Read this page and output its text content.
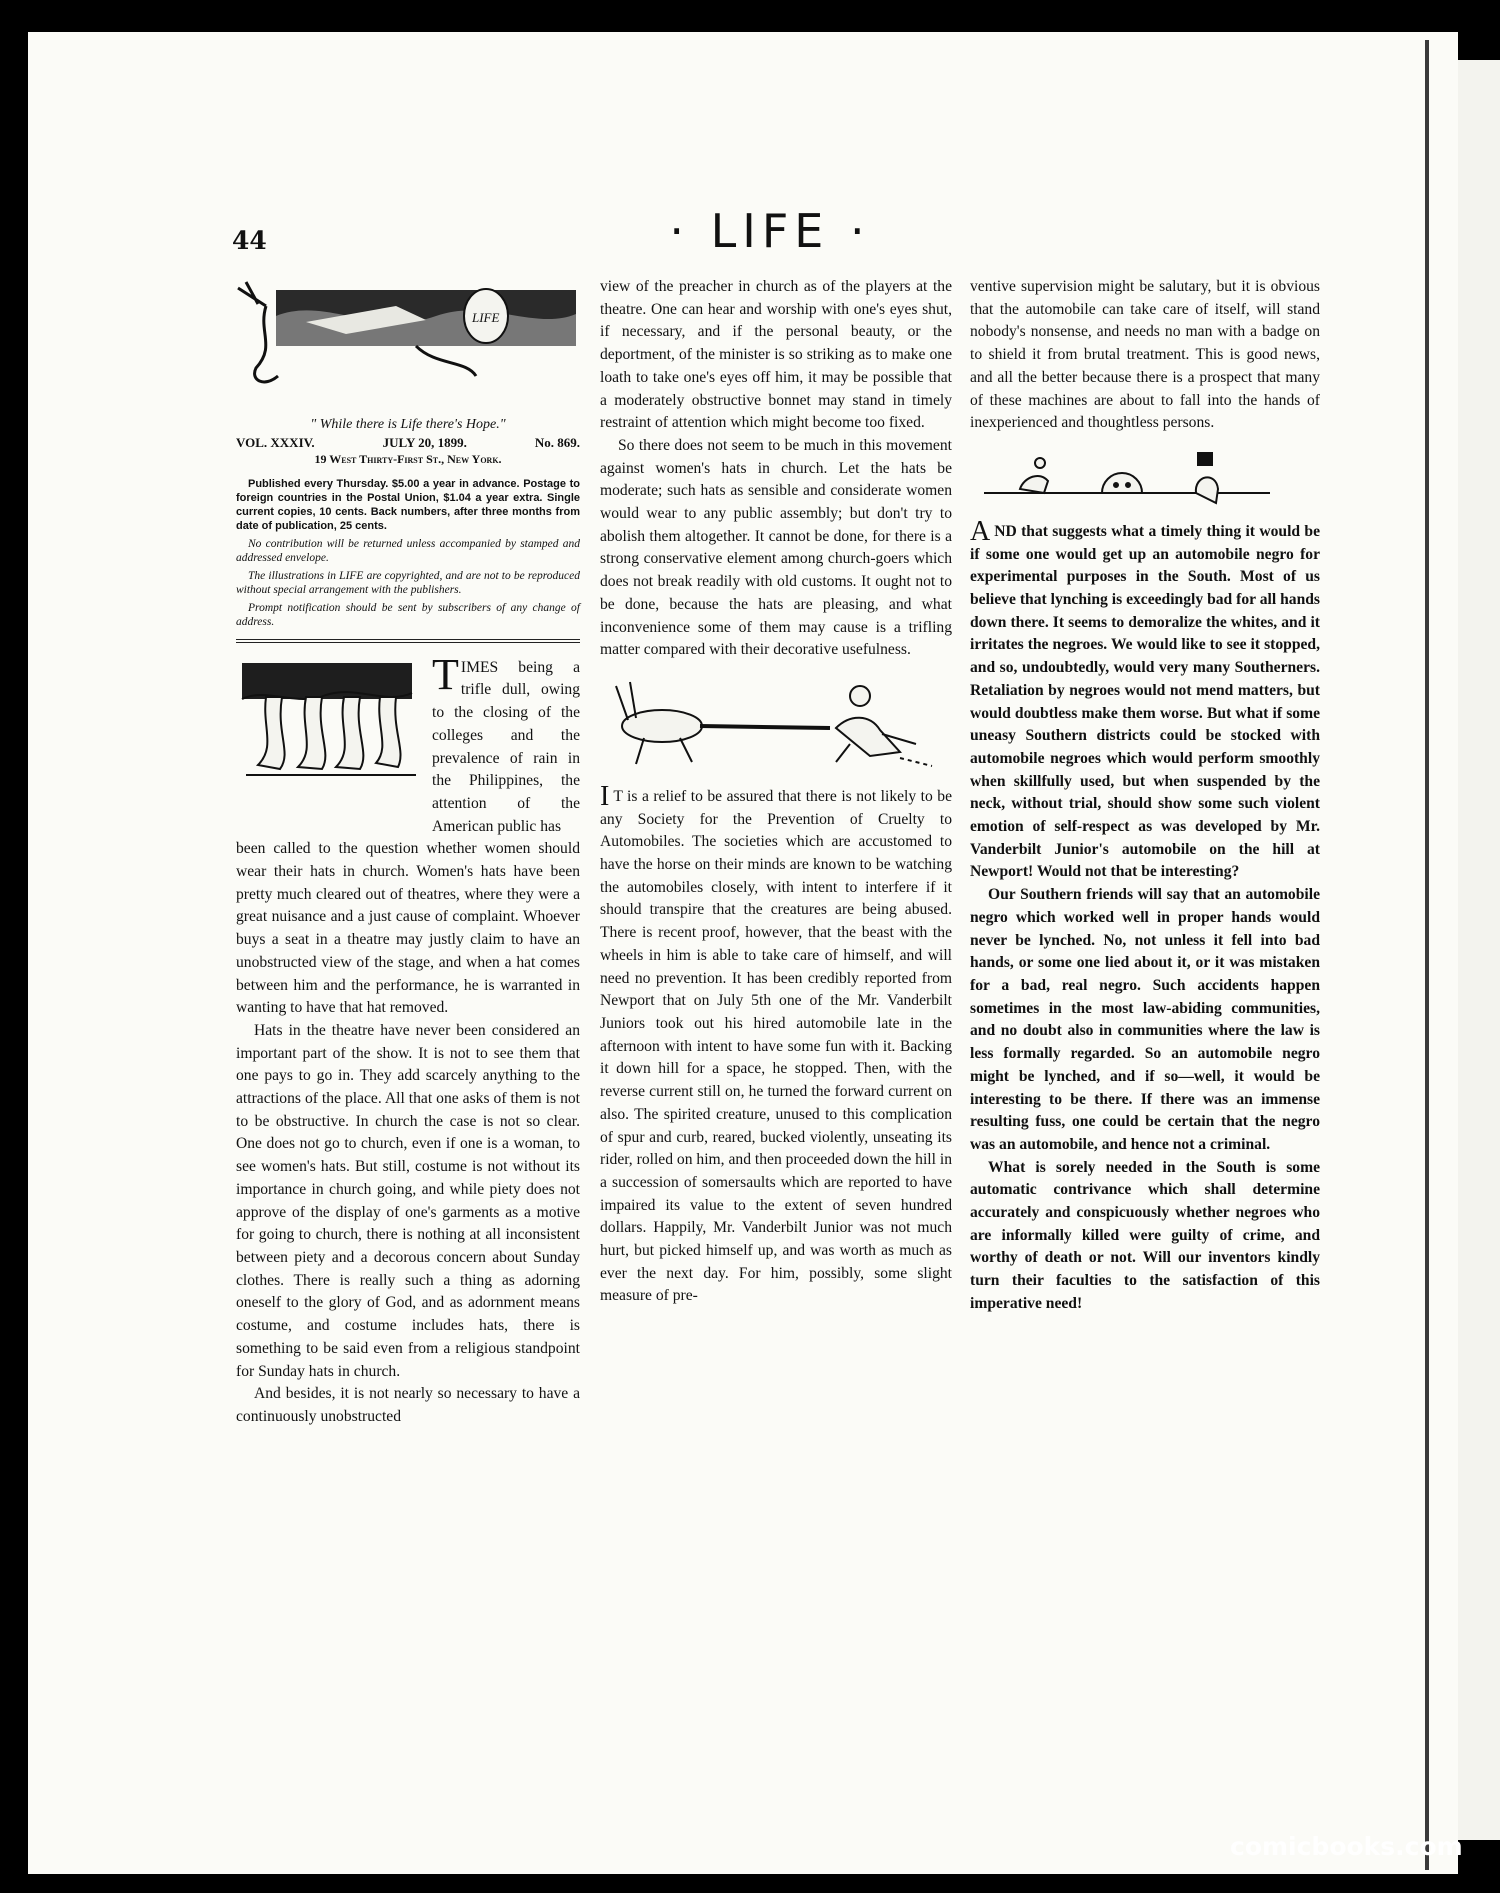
44	· LIFE ·
LIFE
" While there is Life there's Hope."
VOL. XXXIV.	JULY 20, 1899.	No. 869.
19 West Thirty-First St., New York.

Published every Thursday. $5.00 a year in advance. Postage to foreign countries in the Postal Union, $1.04 a year extra. Single current copies, 10 cents. Back numbers, after three months from date of publication, 25 cents.

No contribution will be returned unless accompanied by stamped and addressed envelope.

The illustrations in LIFE are copyrighted, and are not to be reproduced without special arrangement with the publishers.

Prompt notification should be sent by subscribers of any change of address.

TIMES being a trifle dull, owing to the closing of the colleges and the prevalence of rain in the Philippines, the attention of the American public has

been called to the question whether women should wear their hats in church. Women's hats have been pretty much cleared out of theatres, where they were a great nuisance and a just cause of complaint. Whoever buys a seat in a theatre may justly claim to have an unobstructed view of the stage, and when a hat comes between him and the performance, he is warranted in wanting to have that hat removed.

Hats in the theatre have never been considered an important part of the show. It is not to see them that one pays to go in. They add scarcely anything to the attractions of the place. All that one asks of them is not to be obstructive. In church the case is not so clear. One does not go to church, even if one is a woman, to see women's hats. But still, costume is not without its importance in church going, and while piety does not approve of the display of one's garments as a motive for going to church, there is nothing at all inconsistent between piety and a decorous concern about Sunday clothes. There is really such a thing as adorning oneself to the glory of God, and as adornment means costume, and costume includes hats, there is something to be said even from a religious standpoint for Sunday hats in church.

And besides, it is not nearly so necessary to have a continuously unobstructed

view of the preacher in church as of the players at the theatre. One can hear and worship with one's eyes shut, if necessary, and if the personal beauty, or the deportment, of the minister is so striking as to make one loath to take one's eyes off him, it may be possible that a moderately obstructive bonnet may stand in timely restraint of attention which might become too fixed.

So there does not seem to be much in this movement against women's hats in church. Let the hats be moderate; such hats as sensible and considerate women would wear to any public assembly; but don't try to abolish them altogether. It cannot be done, for there is a strong conservative element among church-goers which does not break readily with old customs. It ought not to be done, because the hats are pleasing, and what inconvenience some of them may cause is a trifling matter compared with their decorative usefulness.

I T is a relief to be assured that there is not likely to be any Society for the Prevention of Cruelty to Automobiles. The societies which are accustomed to have the horse on their minds are known to be watching the automobiles closely, with intent to interfere if it should transpire that the creatures are being abused. There is recent proof, however, that the beast with the wheels in him is able to take care of himself, and will need no prevention. It has been credibly reported from Newport that on July 5th one of the Mr. Vanderbilt Juniors took out his hired automobile late in the afternoon with intent to have some fun with it. Backing it down hill for a space, he stopped. Then, with the reverse current still on, he turned the forward current on also. The spirited creature, unused to this complication of spur and curb, reared, bucked violently, unseating its rider, rolled on him, and then proceeded down the hill in a succession of somersaults which are reported to have impaired its value to the extent of seven hundred dollars. Happily, Mr. Vanderbilt Junior was not much hurt, but picked himself up, and was worth as much as ever the next day. For him, possibly, some slight measure of pre-

ventive supervision might be salutary, but it is obvious that the automobile can take care of itself, will stand nobody's nonsense, and needs no man with a badge on to shield it from brutal treatment. This is good news, and all the better because there is a prospect that many of these machines are about to fall into the hands of inexperienced and thoughtless persons.

AND that suggests what a timely thing it would be if some one would get up an automobile negro for experimental purposes in the South. Most of us believe that lynching is exceedingly bad for all hands down there. It seems to demoralize the whites, and it irritates the negroes. We would like to see it stopped, and so, undoubtedly, would very many Southerners. Retaliation by negroes would not mend matters, but would doubtless make them worse. But what if some uneasy Southern districts could be stocked with automobile negroes which would perform smoothly when skillfully used, but when suspended by the neck, without trial, should show some such violent emotion of self-respect as was developed by Mr. Vanderbilt Junior's automobile on the hill at Newport! Would not that be interesting?

Our Southern friends will say that an automobile negro which worked well in proper hands would never be lynched. No, not unless it fell into bad hands, or some one lied about it, or it was mistaken for a bad, real negro. Such accidents happen sometimes in the most law-abiding communities, and no doubt also in communities where the law is less formally regarded. So an automobile negro might be lynched, and if so—well, it would be interesting to be there. If there was an immense resulting fuss, one could be certain that the negro was an automobile, and hence not a criminal.

What is sorely needed in the South is some automatic contrivance which shall determine accurately and conspicuously whether negroes who are informally killed were guilty of crime, and worthy of death or not. Will our inventors kindly turn their faculties to the satisfaction of this imperative need!

comicbooks.com
